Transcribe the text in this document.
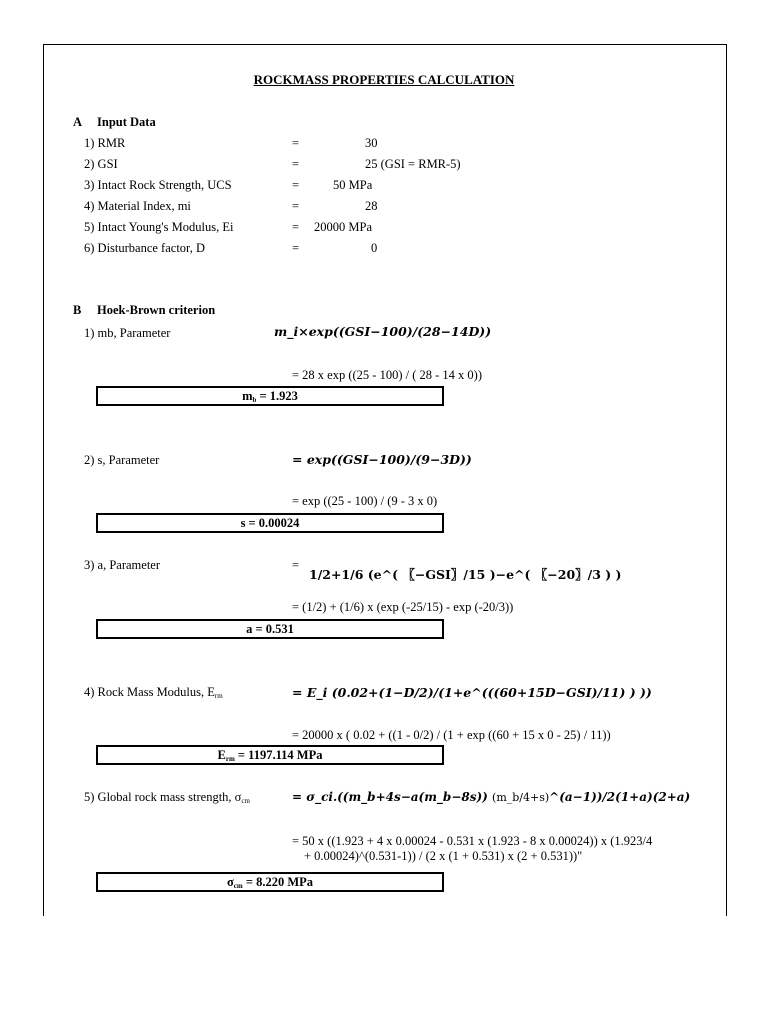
ROCKMASS PROPERTIES CALCULATION
A Input Data
1) RMR	=	30
2) GSI	=	25 (GSI = RMR-5)
3) Intact Rock Strength, UCS	=	50 MPa
4) Material Index, mi	=	28
5) Intact Young's Modulus, Ei	= 20000 MPa
6) Disturbance factor, D	=	0
B Hoek-Brown criterion
1) mb, Parameter	m_i×exp((GSI−100)/(28−14D))
= 28 x exp ((25 - 100) / ( 28 - 14 x 0))
$m_b = 1.923$
2) s, Parameter	= exp((GSI−100)/(9−3D))
= exp ((25 - 100) / (9 - 3 x 0)
s = 0.00024
3) a, Parameter	=
1/2+1/6 (e^( 〖−GSI〗/15 )−e^( 〖−20〗/3 ) )
= (1/2) + (1/6) x (exp (-25/15) - exp (-20/3))
a = 0.531
4) Rock Mass Modulus, $E_{rm}$	= E_i (0.02+(1−D/2)/(1+e^(((60+15D−GSI)/11) ) ))
= 20000 x ( 0.02 + ((1 - 0/2) / (1 + exp ((60 + 15 x 0 - 25) / 11))
$E_{rm} = 1197.114$ MPa
5) Global rock mass strength, $\sigma_{cm}$	= σ_ci.((m_b+4s−a(m_b−8s)) (m_b/4+s)^(a−1))/2(1+a)(2+a)
= 50 x ((1.923 + 4 x 0.00024 - 0.531 x (1.923 - 8 x 0.00024)) x (1.923/4
+ 0.00024)^(0.531-1)) / (2 x (1 + 0.531) x (2 + 0.531))"
$\sigma_{cm} = 8.220$ MPa
